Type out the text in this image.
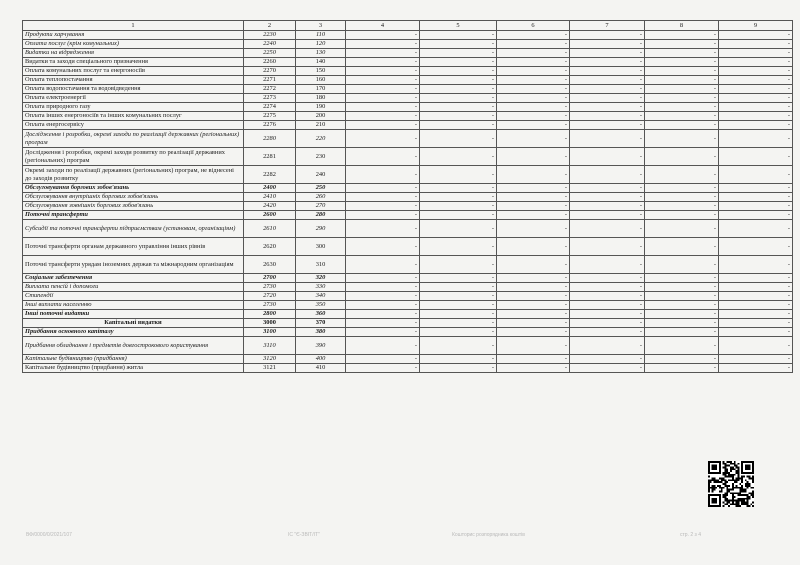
1	2	3	4	5	6	7	8	9
Продукти харчування	2230	110	-	-	-	-	-	-
Оплата послуг (крім комунальних)	2240	120	-	-	-	-	-	-
Видатки на відрядження	2250	130	-	-	-	-	-	-
Видатки та заходи спеціального призначення	2260	140	-	-	-	-	-	-
Оплата комунальних послуг та енергоносіїв	2270	150	-	-	-	-	-	-
Оплата теплопостачання	2271	160	-	-	-	-	-	-
Оплата водопостачання та водовідведення	2272	170	-	-	-	-	-	-
Оплата електроенергії	2273	180	-	-	-	-	-	-
Оплата природного газу	2274	190	-	-	-	-	-	-
Оплата інших енергоносіїв та інших комунальних послуг	2275	200	-	-	-	-	-	-
Оплата енергосервісу	2276	210	-	-	-	-	-	-
Дослідження і розробки, окремі заходи по реалізації державних (регіональних) програм	2280	220	-	-	-	-	-	-
Дослідження і розробки, окремі заходи розвитку по реалізації державних (регіональних) програм	2281	230	-	-	-	-	-	-
Окремі заходи по реалізації державних (регіональних) програм, не віднесені до заходів розвитку	2282	240	-	-	-	-	-	-
Обслуговування боргових зобов'язань	2400	250	-	-	-	-	-	-
Обслуговування внутрішніх боргових зобов'язань	2410	260	-	-	-	-	-	-
Обслуговування зовнішніх боргових зобов'язань	2420	270	-	-	-	-	-	-
Поточні трансферти	2600	280	-	-	-	-	-	-
Субсидії та поточні трансферти підприємствам (установам, організаціям)	2610	290	-	-	-	-	-	-
Поточні трансферти органам державного управління інших рівнів	2620	300	-	-	-	-	-	-
Поточні трансферти урядам іноземних держав та міжнародним організаціям	2630	310	-	-	-	-	-	-
Соціальне забезпечення	2700	320	-	-	-	-	-	-
Виплата пенсій і допомоги	2730	330	-	-	-	-	-	-
Стипендії	2720	340	-	-	-	-	-	-
Інші виплати населенню	2730	350	-	-	-	-	-	-
Інші поточні видатки	2800	360	-	-	-	-	-	-
Капітальні видатки	3000	370	-	-	-	-	-	-
Придбання основного капіталу	3100	380	-	-	-	-	-	-
Придбання обладнання і предметів довгострокового користування	3110	390	-	-	-	-	-	-
Капітальне будівництво (придбання)	3120	400	-	-	-	-	-	-
Капітальне будівництво (придбання) житла	3121	410	-	-	-	-	-	-
ВФ/0000/0/2021/107	ІС "Є-ЗВІТ/ІТ"	Кошторис розпорядника коштів	стр. 2 з 4
